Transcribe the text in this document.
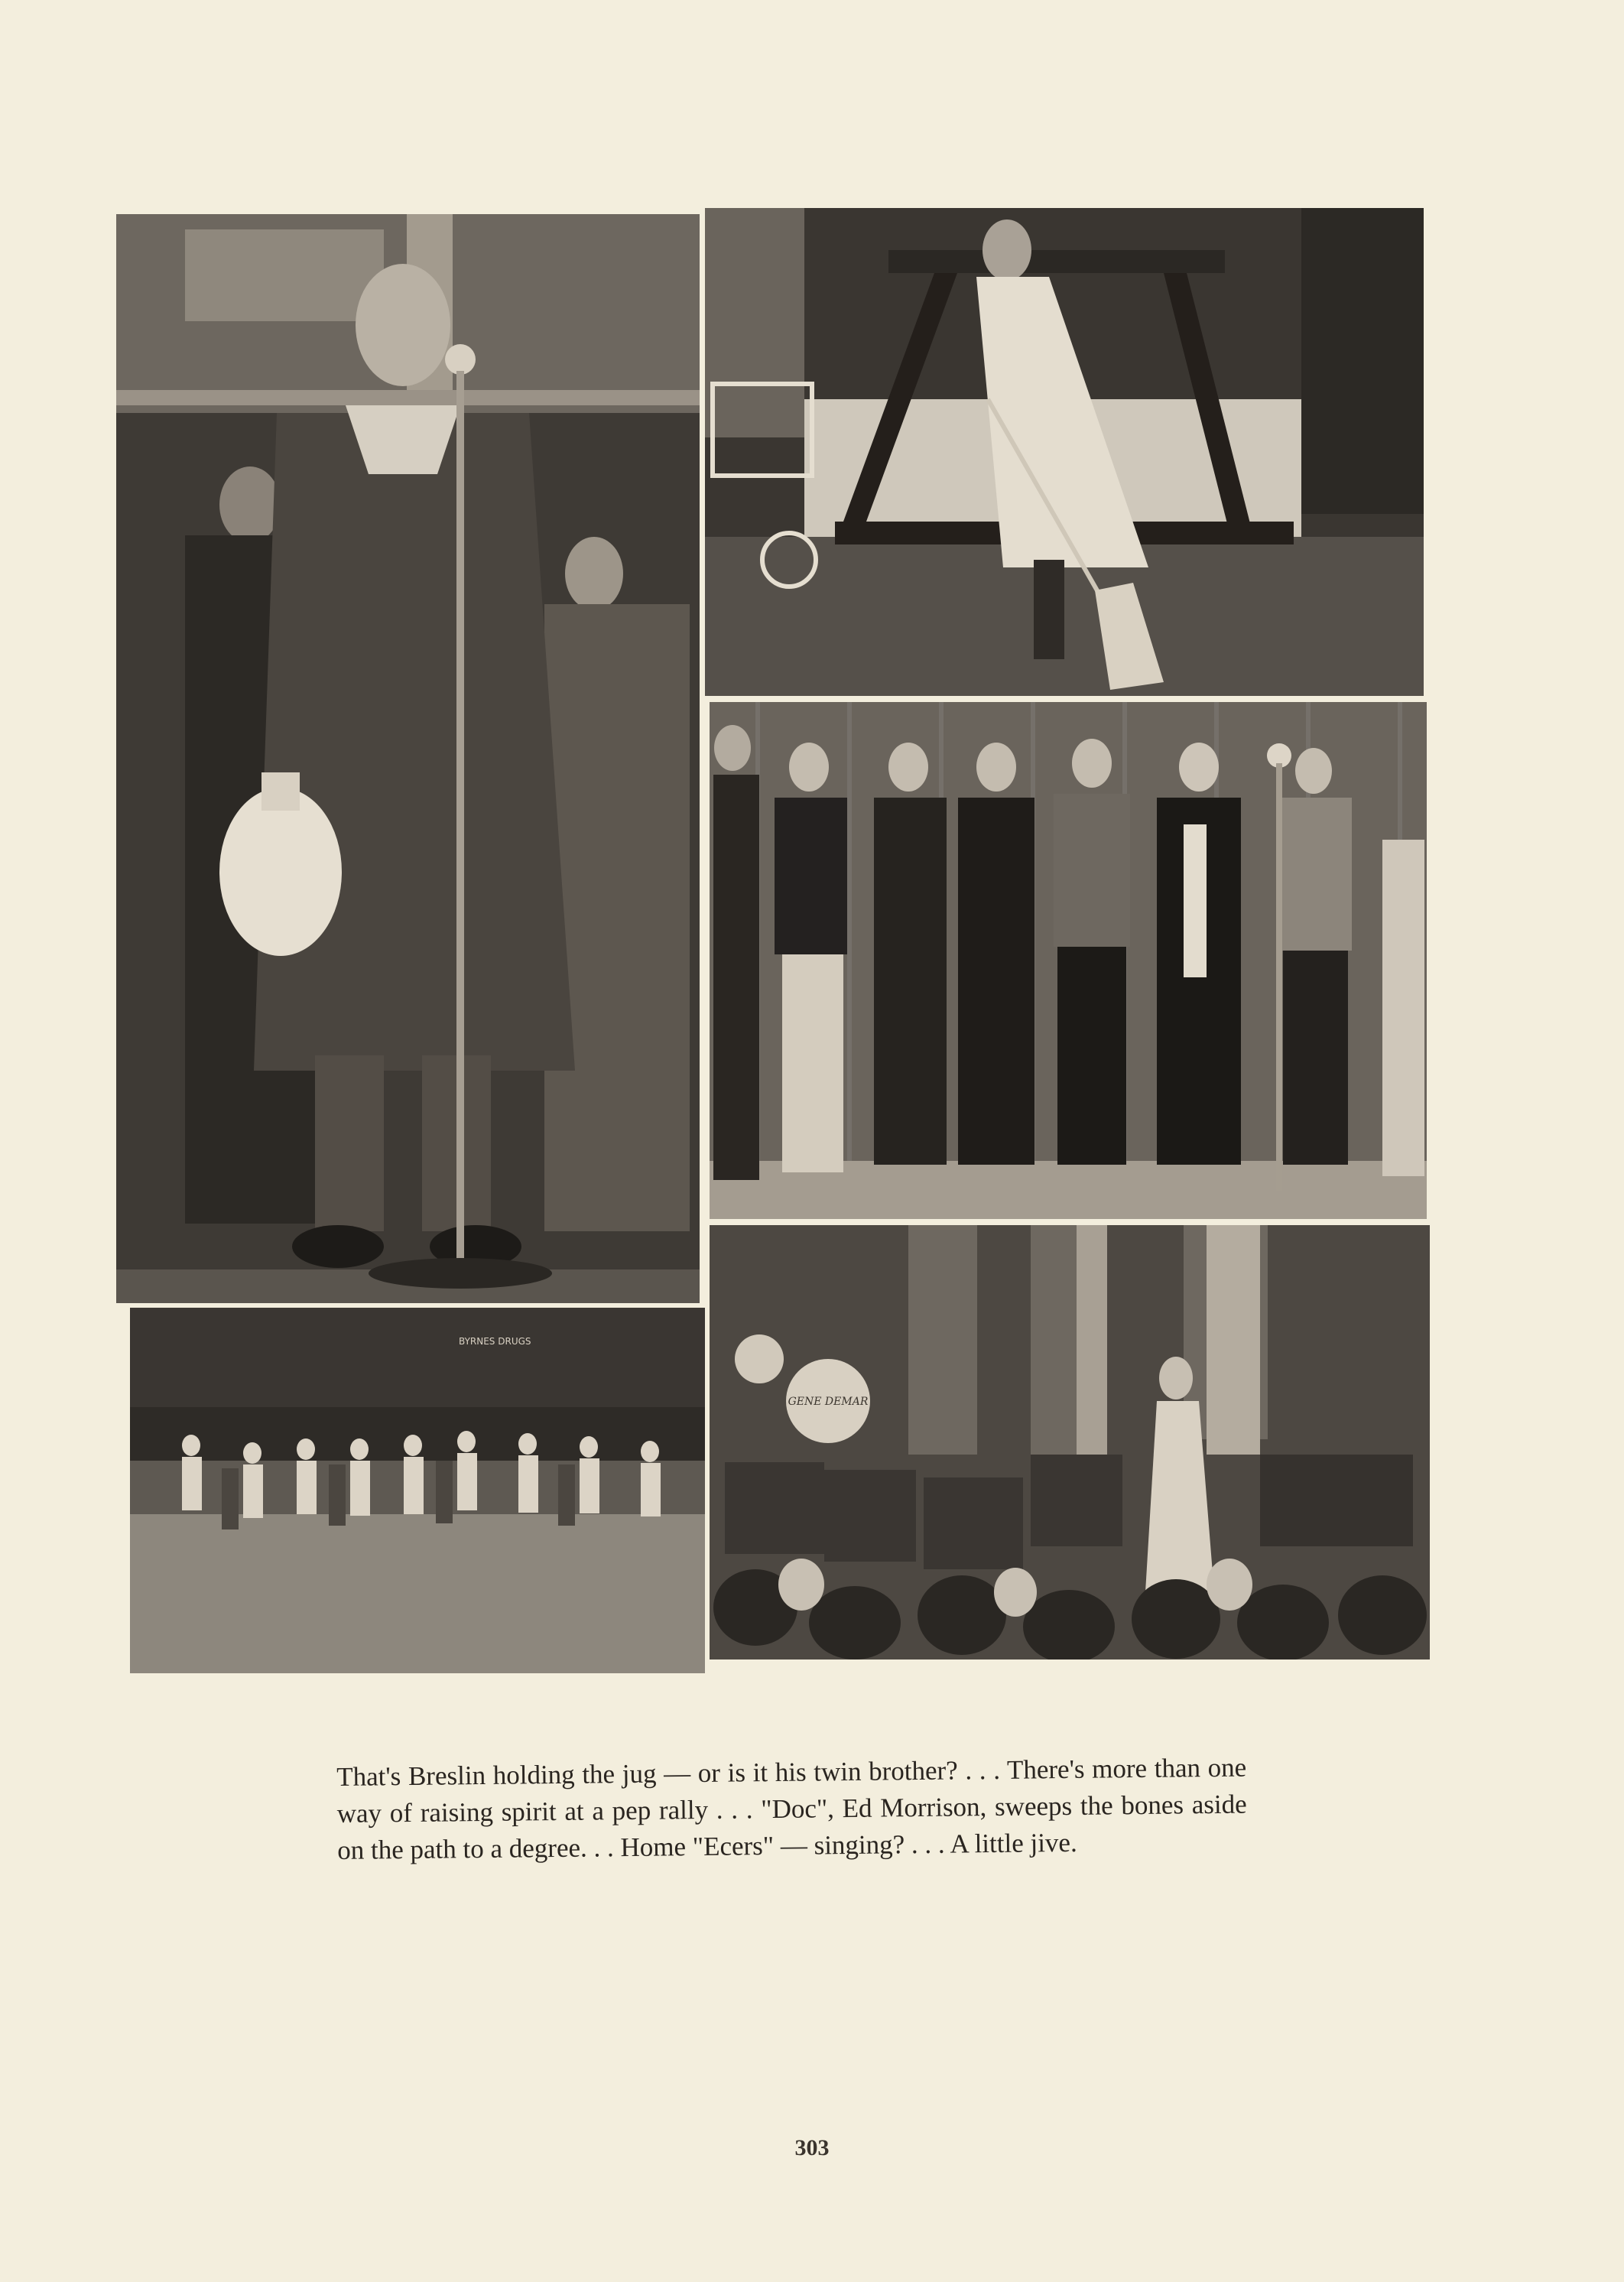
BYRNES DRUGS
GENE DEMAR
That's Breslin holding the jug — or is it his twin brother? . . . There's more than one way of raising spirit at a pep rally . . . "Doc", Ed Morrison, sweeps the bones aside on the path to a degree. . . Home "Ecers" — singing? . . . A little jive.
303
